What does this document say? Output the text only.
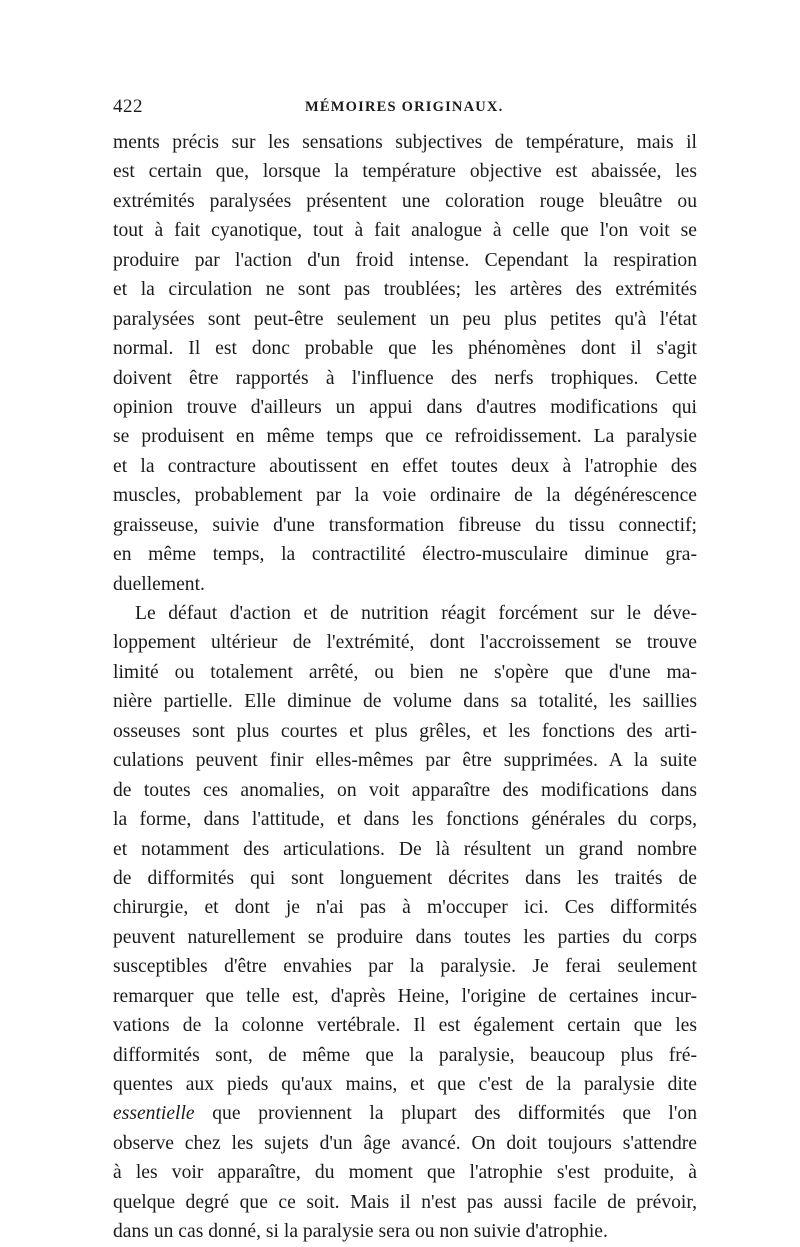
422	MÉMOIRES ORIGINAUX.
ments précis sur les sensations subjectives de température, mais il
est certain que, lorsque la température objective est abaissée, les
extrémités paralysées présentent une coloration rouge bleuâtre ou
tout à fait cyanotique, tout à fait analogue à celle que l'on voit se
produire par l'action d'un froid intense. Cependant la respiration
et la circulation ne sont pas troublées; les artères des extrémités
paralysées sont peut-être seulement un peu plus petites qu'à l'état
normal. Il est donc probable que les phénomènes dont il s'agit
doivent être rapportés à l'influence des nerfs trophiques. Cette
opinion trouve d'ailleurs un appui dans d'autres modifications qui
se produisent en même temps que ce refroidissement. La paralysie
et la contracture aboutissent en effet toutes deux à l'atrophie des
muscles, probablement par la voie ordinaire de la dégénérescence
graisseuse, suivie d'une transformation fibreuse du tissu connectif;
en même temps, la contractilité électro-musculaire diminue gra-
duellement.
Le défaut d'action et de nutrition réagit forcément sur le déve-
loppement ultérieur de l'extrémité, dont l'accroissement se trouve
limité ou totalement arrêté, ou bien ne s'opère que d'une ma-
nière partielle. Elle diminue de volume dans sa totalité, les saillies
osseuses sont plus courtes et plus grêles, et les fonctions des arti-
culations peuvent finir elles-mêmes par être supprimées. A la suite
de toutes ces anomalies, on voit apparaître des modifications dans
la forme, dans l'attitude, et dans les fonctions générales du corps,
et notamment des articulations. De là résultent un grand nombre
de difformités qui sont longuement décrites dans les traités de
chirurgie, et dont je n'ai pas à m'occuper ici. Ces difformités
peuvent naturellement se produire dans toutes les parties du corps
susceptibles d'être envahies par la paralysie. Je ferai seulement
remarquer que telle est, d'après Heine, l'origine de certaines incur-
vations de la colonne vertébrale. Il est également certain que les
difformités sont, de même que la paralysie, beaucoup plus fré-
quentes aux pieds qu'aux mains, et que c'est de la paralysie dite
essentielle que proviennent la plupart des difformités que l'on
observe chez les sujets d'un âge avancé. On doit toujours s'attendre
à les voir apparaître, du moment que l'atrophie s'est produite, à
quelque degré que ce soit. Mais il n'est pas aussi facile de prévoir,
dans un cas donné, si la paralysie sera ou non suivie d'atrophie.
